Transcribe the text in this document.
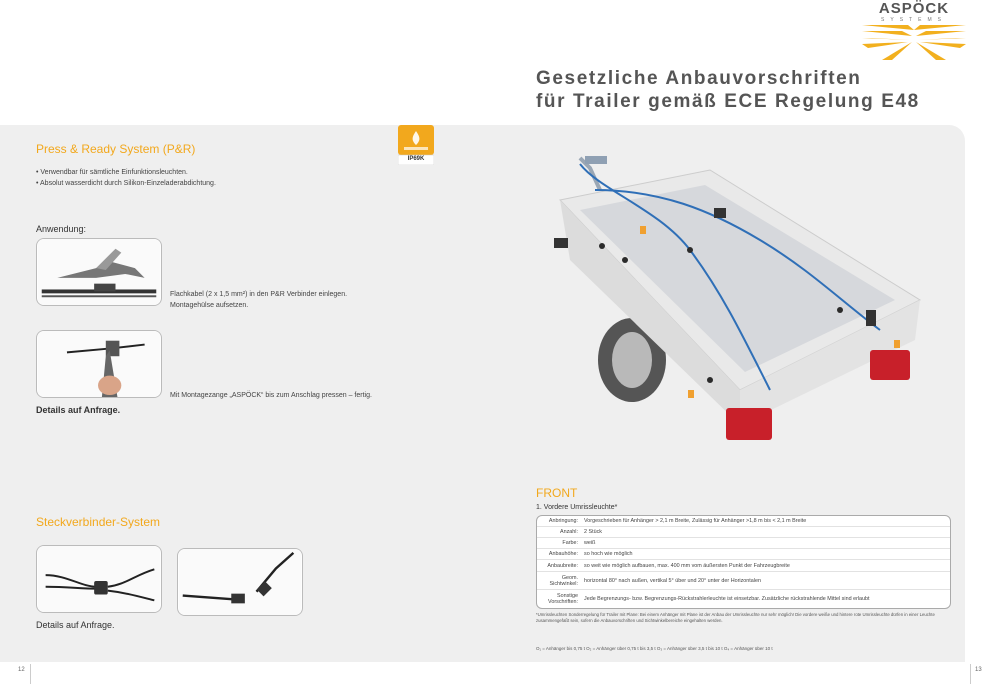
ASPÖCK
SYSTEMS
Gesetzliche Anbauvorschriften
für Trailer gemäß ECE Regelung E48
Press & Ready System (P&R)
• Verwendbar für sämtliche Einfunktionsleuchten.
• Absolut wasserdicht durch Silikon-Einzeladerabdichtung.
IP69K
Anwendung:
Flachkabel (2 x 1,5 mm²) in den P&R Verbinder einlegen.
Montagehülse aufsetzen.
Mit Montagezange „ASPÖCK“ bis zum Anschlag pressen – fertig.
Details auf Anfrage.
Steckverbinder-System
Details auf Anfrage.
FRONT
1. Vordere Umrissleuchte*
Anbringung:	Vorgeschrieben für Anhänger > 2,1 m Breite, Zulässig für Anhänger >1,8 m bis < 2,1 m Breite
Anzahl:	2 Stück
Farbe:	weiß
Anbauhöhe:	so hoch wie möglich
Anbaubreite:	so weit wie möglich aufbauen, max. 400 mm vom äußersten Punkt der Fahrzeugbreite
Geom. Sichtwinkel:	horizontal 80° nach außen, vertikal 5° über und 20° unter der Horizontalen
Sonstige Vorschriften:	Jede Begrenzungs- bzw. Begrenzungs-Rückstrahlerleuchte ist einsetzbar. Zusätzliche rückstrahlende Mittel sind erlaubt
*Umrissleuchten Sonderregelung für Trailer mit Plane: Bei einem Anhänger mit Plane ist der Anbau der Umrissleuchte nur sehr möglich! Die vordere weiße und hintere rote Umrissleuchte dürfen in einer Leuchte zusammengefaßt sein, sofern die Anbauvorschriften und Sichtwinkelbereiche eingehalten werden.
O₁ = Anhänger bis 0,75 t O₂ = Anhänger über 0,75 t bis 3,5 t O₃ = Anhänger über 3,5 t bis 10 t O₄ = Anhänger über 10 t
12	13
